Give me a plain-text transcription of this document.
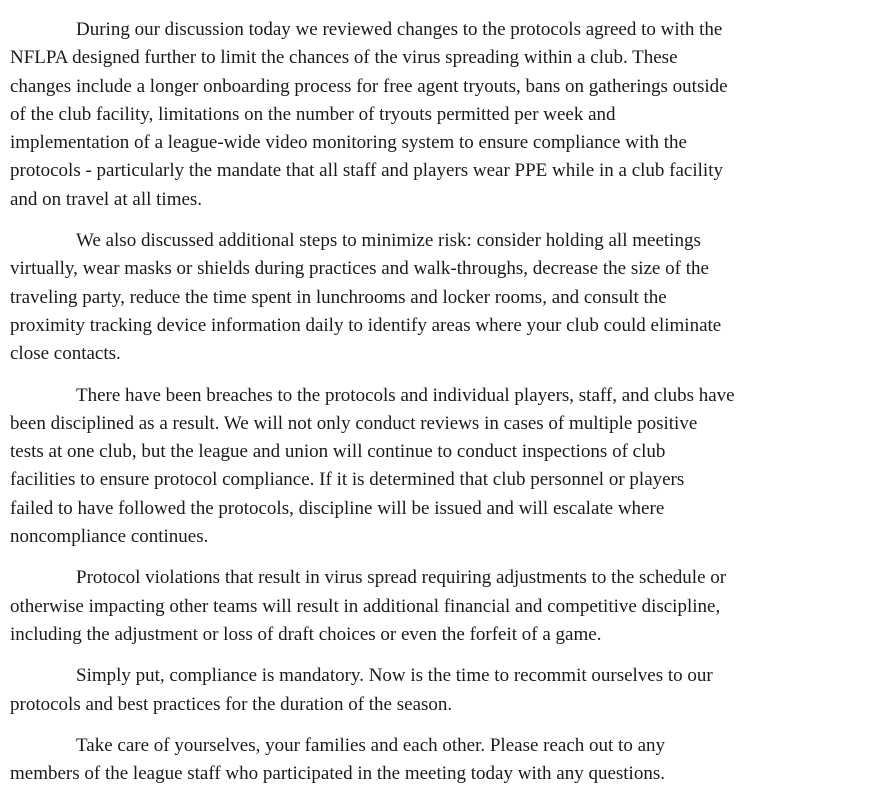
During our discussion today we reviewed changes to the protocols agreed to with the
NFLPA designed further to limit the chances of the virus spreading within a club. These
changes include a longer onboarding process for free agent tryouts, bans on gatherings outside
of the club facility, limitations on the number of tryouts permitted per week and
implementation of a league-wide video monitoring system to ensure compliance with the
protocols - particularly the mandate that all staff and players wear PPE while in a club facility
and on travel at all times.

We also discussed additional steps to minimize risk: consider holding all meetings
virtually, wear masks or shields during practices and walk-throughs, decrease the size of the
traveling party, reduce the time spent in lunchrooms and locker rooms, and consult the
proximity tracking device information daily to identify areas where your club could eliminate
close contacts.

There have been breaches to the protocols and individual players, staff, and clubs have
been disciplined as a result. We will not only conduct reviews in cases of multiple positive
tests at one club, but the league and union will continue to conduct inspections of club
facilities to ensure protocol compliance. If it is determined that club personnel or players
failed to have followed the protocols, discipline will be issued and will escalate where
noncompliance continues.

Protocol violations that result in virus spread requiring adjustments to the schedule or
otherwise impacting other teams will result in additional financial and competitive discipline,
including the adjustment or loss of draft choices or even the forfeit of a game.

Simply put, compliance is mandatory. Now is the time to recommit ourselves to our
protocols and best practices for the duration of the season.

Take care of yourselves, your families and each other. Please reach out to any
members of the league staff who participated in the meeting today with any questions.
